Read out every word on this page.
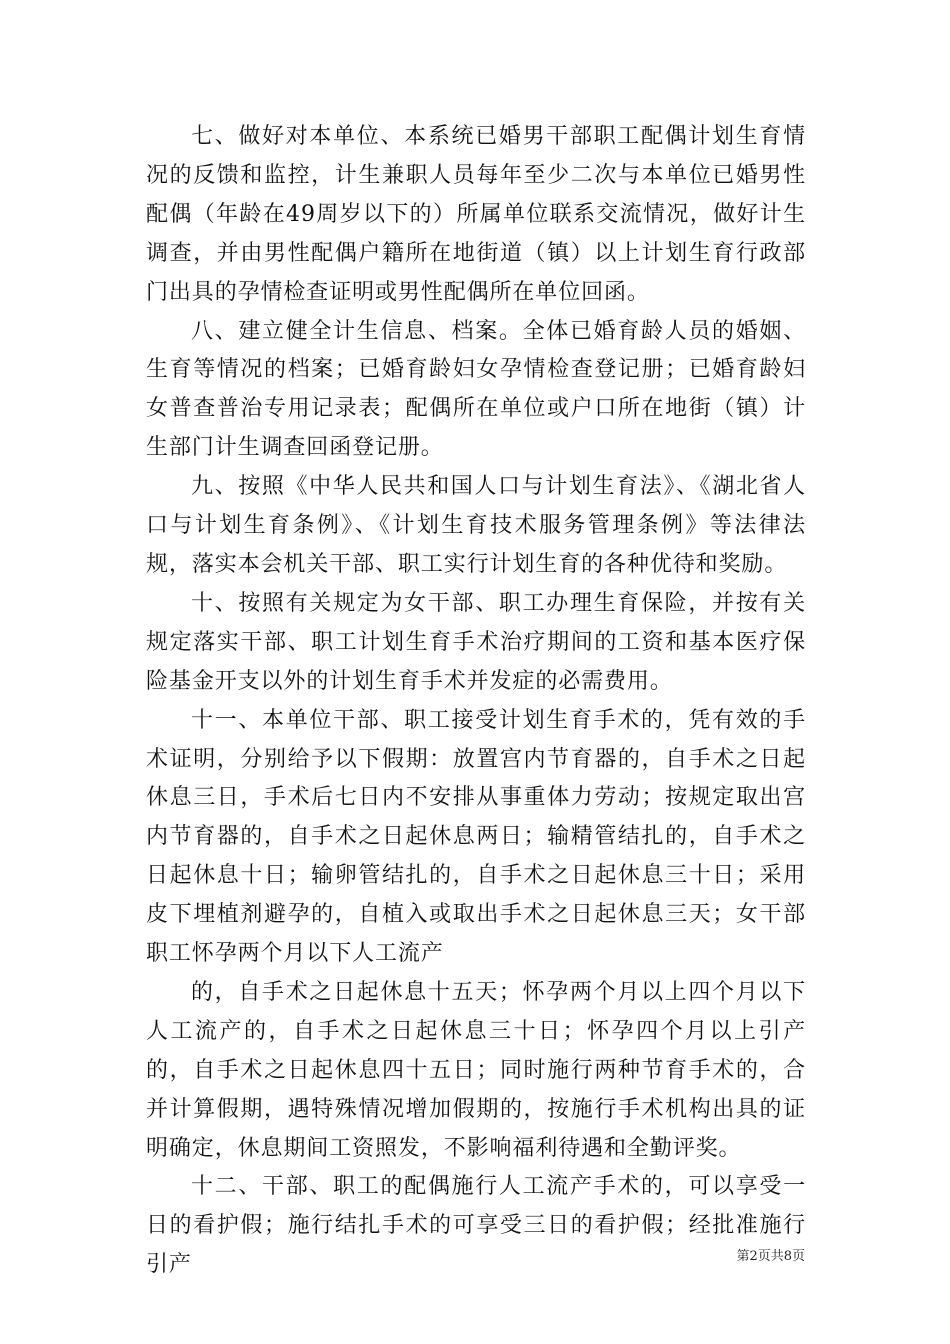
七、做好对本单位、本系统已婚男干部职工配偶计划生育情况的反馈和监控，计生兼职人员每年至少二次与本单位已婚男性配偶（年龄在49周岁以下的）所属单位联系交流情况，做好计生调查，并由男性配偶户籍所在地街道（镇）以上计划生育行政部门出具的孕情检查证明或男性配偶所在单位回函。

八、建立健全计生信息、档案。全体已婚育龄人员的婚姻、生育等情况的档案；已婚育龄妇女孕情检查登记册；已婚育龄妇女普查普治专用记录表；配偶所在单位或户口所在地街（镇）计生部门计生调查回函登记册。

九、按照《中华人民共和国人口与计划生育法》、《湖北省人口与计划生育条例》、《计划生育技术服务管理条例》等法律法规，落实本会机关干部、职工实行计划生育的各种优待和奖励。

十、按照有关规定为女干部、职工办理生育保险，并按有关规定落实干部、职工计划生育手术治疗期间的工资和基本医疗保险基金开支以外的计划生育手术并发症的必需费用。

十一、本单位干部、职工接受计划生育手术的，凭有效的手术证明，分别给予以下假期：放置宫内节育器的，自手术之日起休息三日，手术后七日内不安排从事重体力劳动；按规定取出宫内节育器的，自手术之日起休息两日；输精管结扎的，自手术之日起休息十日；输卵管结扎的，自手术之日起休息三十日；采用皮下埋植剂避孕的，自植入或取出手术之日起休息三天；女干部职工怀孕两个月以下人工流产

的，自手术之日起休息十五天；怀孕两个月以上四个月以下人工流产的，自手术之日起休息三十日；怀孕四个月以上引产的，自手术之日起休息四十五日；同时施行两种节育手术的，合并计算假期，遇特殊情况增加假期的，按施行手术机构出具的证明确定，休息期间工资照发，不影响福利待遇和全勤评奖。

十二、干部、职工的配偶施行人工流产手术的，可以享受一日的看护假；施行结扎手术的可享受三日的看护假；经批准施行引产	第2页共8页
